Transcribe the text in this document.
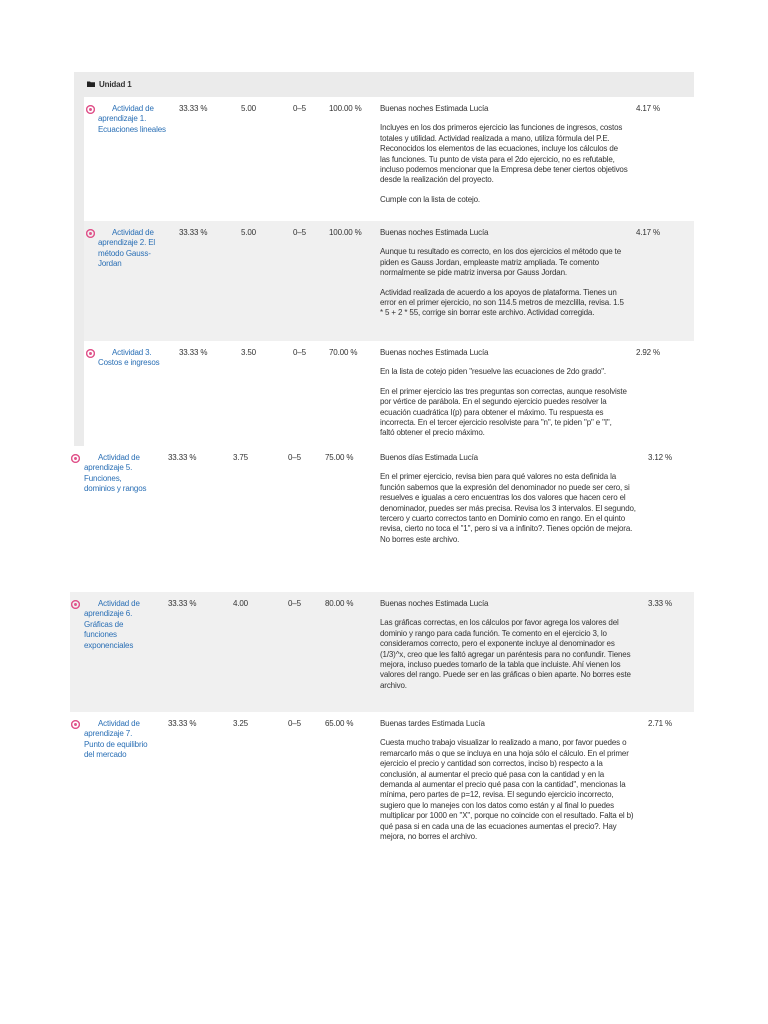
Unidad 1
Actividad de
aprendizaje 1.
Ecuaciones lineales
33.33 %	5.00	0–5	100.00 % Buenas noches Estimada Lucía

Incluyes en los dos primeros ejercicio las funciones de ingresos, costos totales y utilidad. Actividad realizada a mano, utiliza fórmula del P.E. Reconocidos los elementos de las ecuaciones, incluye los cálculos de las funciones. Tu punto de vista para el 2do ejercicio, no es refutable, incluso podemos mencionar que la Empresa debe tener ciertos objetivos desde la realización del proyecto.

Cumple con la lista de cotejo.

4.17 %
Actividad de
aprendizaje 2. El
método Gauss-
Jordan
33.33 %	5.00	0–5	100.00 % Buenas noches Estimada Lucía

Aunque tu resultado es correcto, en los dos ejercicios el método que te piden es Gauss Jordan, empleaste matriz ampliada. Te comento normalmente se pide matriz inversa por Gauss Jordan.

Actividad realizada de acuerdo a los apoyos de plataforma. Tienes un error en el primer ejercicio, no son 114.5 metros de mezclilla, revisa. 1.5 * 5 + 2 * 55, corrige sin borrar este archivo. Actividad corregida.

4.17 %
Actividad 3.
Costos e ingresos
33.33 %	3.50	0–5	70.00 %	Buenas noches Estimada Lucía

En la lista de cotejo piden "resuelve las ecuaciones de 2do grado".

En el primer ejercicio las tres preguntas son correctas, aunque resolviste por vértice de parábola. En el segundo ejercicio puedes resolver la ecuación cuadrática I(p) para obtener el máximo. Tu respuesta es incorrecta. En el tercer ejercicio resolviste para "n", te piden "p" e "I", faltó obtener el precio máximo.

2.92 %
Actividad de
aprendizaje 5.
Funciones,
dominios y rangos
33.33 %	3.75	0–5	75.00 %	Buenos días Estimada Lucía

En el primer ejercicio, revisa bien para qué valores no esta definida la función sabemos que la expresión del denominador no puede ser cero, si resuelves e igualas a cero encuentras los dos valores que hacen cero el denominador, puedes ser más precisa. Revisa los 3 intervalos. El segundo, tercero y cuarto correctos tanto en Dominio como en rango. En el quinto revisa, cierto no toca el "1", pero si va a infinito?. Tienes opción de mejora. No borres este archivo.

3.12 %
Actividad de
aprendizaje 6.
Gráficas de
funciones
exponenciales
33.33 %	4.00	0–5	80.00 %	Buenas noches Estimada Lucía

Las gráficas correctas, en los cálculos por favor agrega los valores del dominio y rango para cada función. Te comento en el ejercicio 3, lo consideramos correcto, pero el exponente incluye al denominador es (1/3)^x, creo que les faltó agregar un paréntesis para no confundir. Tienes mejora, incluso puedes tomarlo de la tabla que incluiste. Ahí vienen los valores del rango. Puede ser en las gráficas o bien aparte. No borres este archivo.

3.33 %
Actividad de
aprendizaje 7.
Punto de equilibrio
del mercado
33.33 %	3.25	0–5	65.00 %	Buenas tardes Estimada Lucía

Cuesta mucho trabajo visualizar lo realizado a mano, por favor puedes o remarcarlo más o que se incluya en una hoja sólo el cálculo. En el primer ejercicio el precio y cantidad son correctos, inciso b) respecto a la conclusión, al aumentar el precio qué pasa con la cantidad y en la demanda al aumentar el precio qué pasa con la cantidad", mencionas la mínima, pero partes de p=12, revisa. El segundo ejercicio incorrecto, sugiero que lo manejes con los datos como están y al final lo puedes multiplicar por 1000 en "X", porque no coincide con el resultado. Falta el b) qué pasa si en cada una de las ecuaciones aumentas el precio?. Hay mejora, no borres el archivo.

2.71 %
